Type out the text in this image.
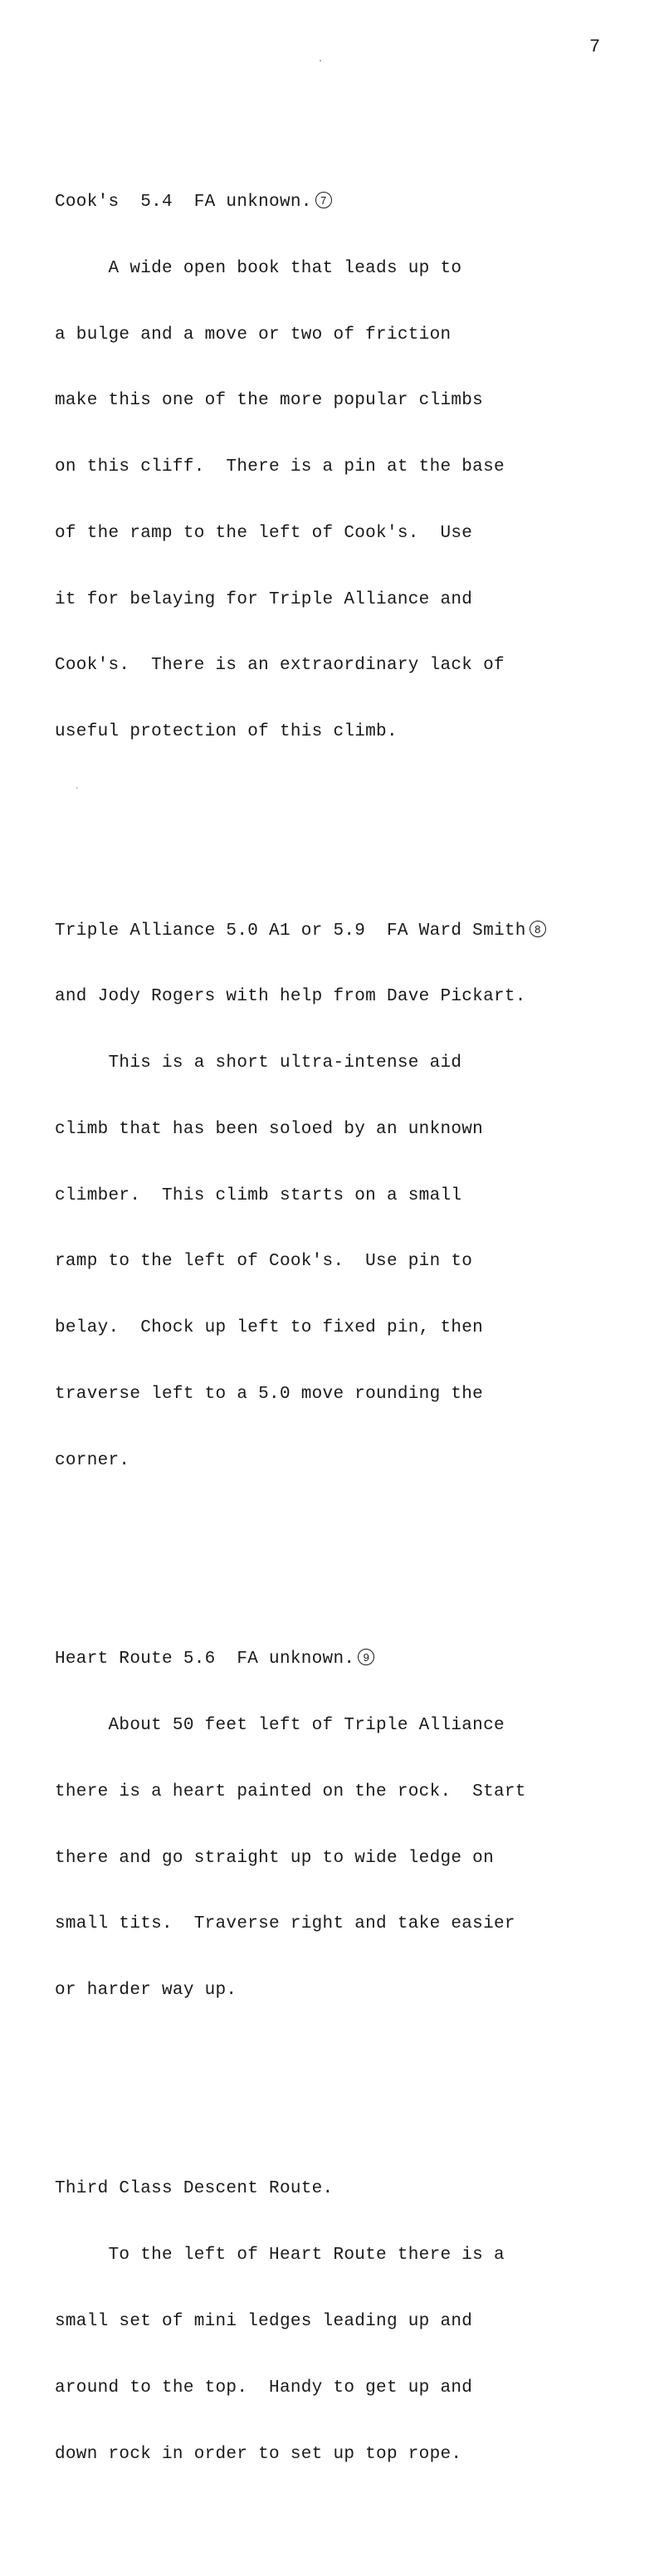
7

Cook's  5.4  FA unknown. 7

A wide open book that leads up to

a bulge and a move or two of friction

make this one of the more popular climbs

on this cliff.  There is a pin at the base

of the ramp to the left of Cook's.  Use

it for belaying for Triple Alliance and

Cook's.  There is an extraordinary lack of

useful protection of this climb.

Triple Alliance 5.0 A1 or 5.9  FA Ward Smith 8

and Jody Rogers with help from Dave Pickart.

This is a short ultra-intense aid

climb that has been soloed by an unknown

climber.  This climb starts on a small

ramp to the left of Cook's.  Use pin to

belay.  Chock up left to fixed pin, then

traverse left to a 5.0 move rounding the

corner.

Heart Route 5.6  FA unknown. 9

About 50 feet left of Triple Alliance

there is a heart painted on the rock.  Start

there and go straight up to wide ledge on

small tits.  Traverse right and take easier

or harder way up.

Third Class Descent Route.

To the left of Heart Route there is a

small set of mini ledges leading up and

around to the top.  Handy to get up and

down rock in order to set up top rope.
